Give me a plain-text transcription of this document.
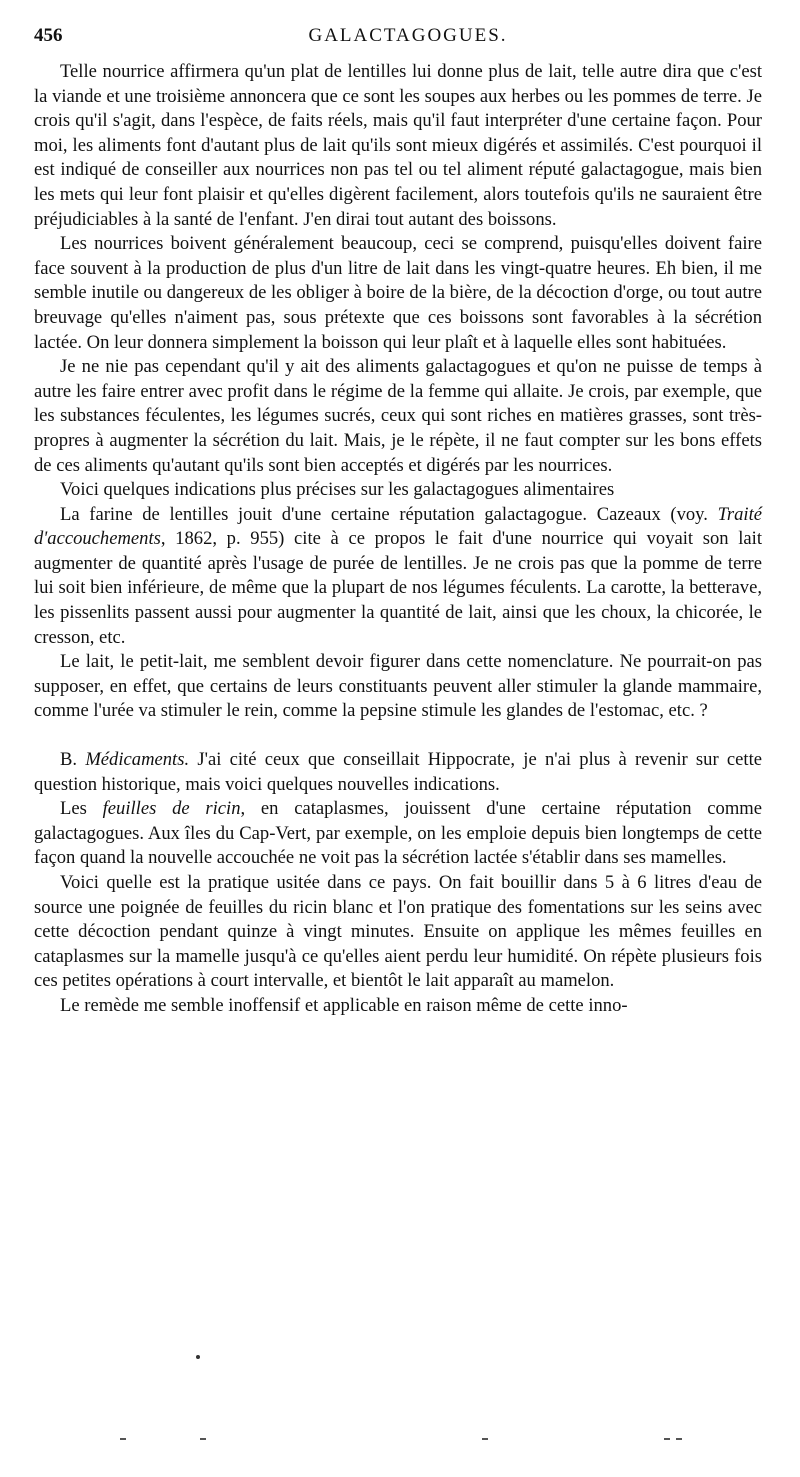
456	GALACTAGOGUES.

Telle nourrice affirmera qu'un plat de lentilles lui donne plus de lait, telle autre dira que c'est la viande et une troisième annoncera que ce sont les soupes aux herbes ou les pommes de terre. Je crois qu'il s'agit, dans l'espèce, de faits réels, mais qu'il faut interpréter d'une certaine façon. Pour moi, les aliments font d'autant plus de lait qu'ils sont mieux digérés et assimilés. C'est pourquoi il est indiqué de conseiller aux nourrices non pas tel ou tel aliment réputé galactagogue, mais bien les mets qui leur font plaisir et qu'elles digèrent facilement, alors toutefois qu'ils ne sauraient être préjudiciables à la santé de l'enfant. J'en dirai tout autant des boissons.

Les nourrices boivent généralement beaucoup, ceci se comprend, puisqu'elles doivent faire face souvent à la production de plus d'un litre de lait dans les vingt-quatre heures. Eh bien, il me semble inutile ou dangereux de les obliger à boire de la bière, de la décoction d'orge, ou tout autre breuvage qu'elles n'aiment pas, sous prétexte que ces boissons sont favorables à la sécrétion lactée. On leur donnera simplement la boisson qui leur plaît et à laquelle elles sont habituées.

Je ne nie pas cependant qu'il y ait des aliments galactagogues et qu'on ne puisse de temps à autre les faire entrer avec profit dans le régime de la femme qui allaite. Je crois, par exemple, que les substances féculentes, les légumes sucrés, ceux qui sont riches en matières grasses, sont très-propres à augmenter la sécrétion du lait. Mais, je le répète, il ne faut compter sur les bons effets de ces aliments qu'autant qu'ils sont bien acceptés et digérés par les nourrices.

Voici quelques indications plus précises sur les galactagogues alimentaires

La farine de lentilles jouit d'une certaine réputation galactagogue. Cazeaux (voy. Traité d'accouchements, 1862, p. 955) cite à ce propos le fait d'une nourrice qui voyait son lait augmenter de quantité après l'usage de purée de lentilles. Je ne crois pas que la pomme de terre lui soit bien inférieure, de même que la plupart de nos légumes féculents. La carotte, la betterave, les pissenlits passent aussi pour augmenter la quantité de lait, ainsi que les choux, la chicorée, le cresson, etc.

Le lait, le petit-lait, me semblent devoir figurer dans cette nomenclature. Ne pourrait-on pas supposer, en effet, que certains de leurs constituants peuvent aller stimuler la glande mammaire, comme l'urée va stimuler le rein, comme la pepsine stimule les glandes de l'estomac, etc. ?

B. Médicaments. J'ai cité ceux que conseillait Hippocrate, je n'ai plus à revenir sur cette question historique, mais voici quelques nouvelles indications.

Les feuilles de ricin, en cataplasmes, jouissent d'une certaine réputation comme galactagogues. Aux îles du Cap-Vert, par exemple, on les emploie depuis bien longtemps de cette façon quand la nouvelle accouchée ne voit pas la sécrétion lactée s'établir dans ses mamelles.

Voici quelle est la pratique usitée dans ce pays. On fait bouillir dans 5 à 6 litres d'eau de source une poignée de feuilles du ricin blanc et l'on pratique des fomentations sur les seins avec cette décoction pendant quinze à vingt minutes. Ensuite on applique les mêmes feuilles en cataplasmes sur la mamelle jusqu'à ce qu'elles aient perdu leur humidité. On répète plusieurs fois ces petites opérations à court intervalle, et bientôt le lait apparaît au mamelon.

Le remède me semble inoffensif et applicable en raison même de cette inno-
